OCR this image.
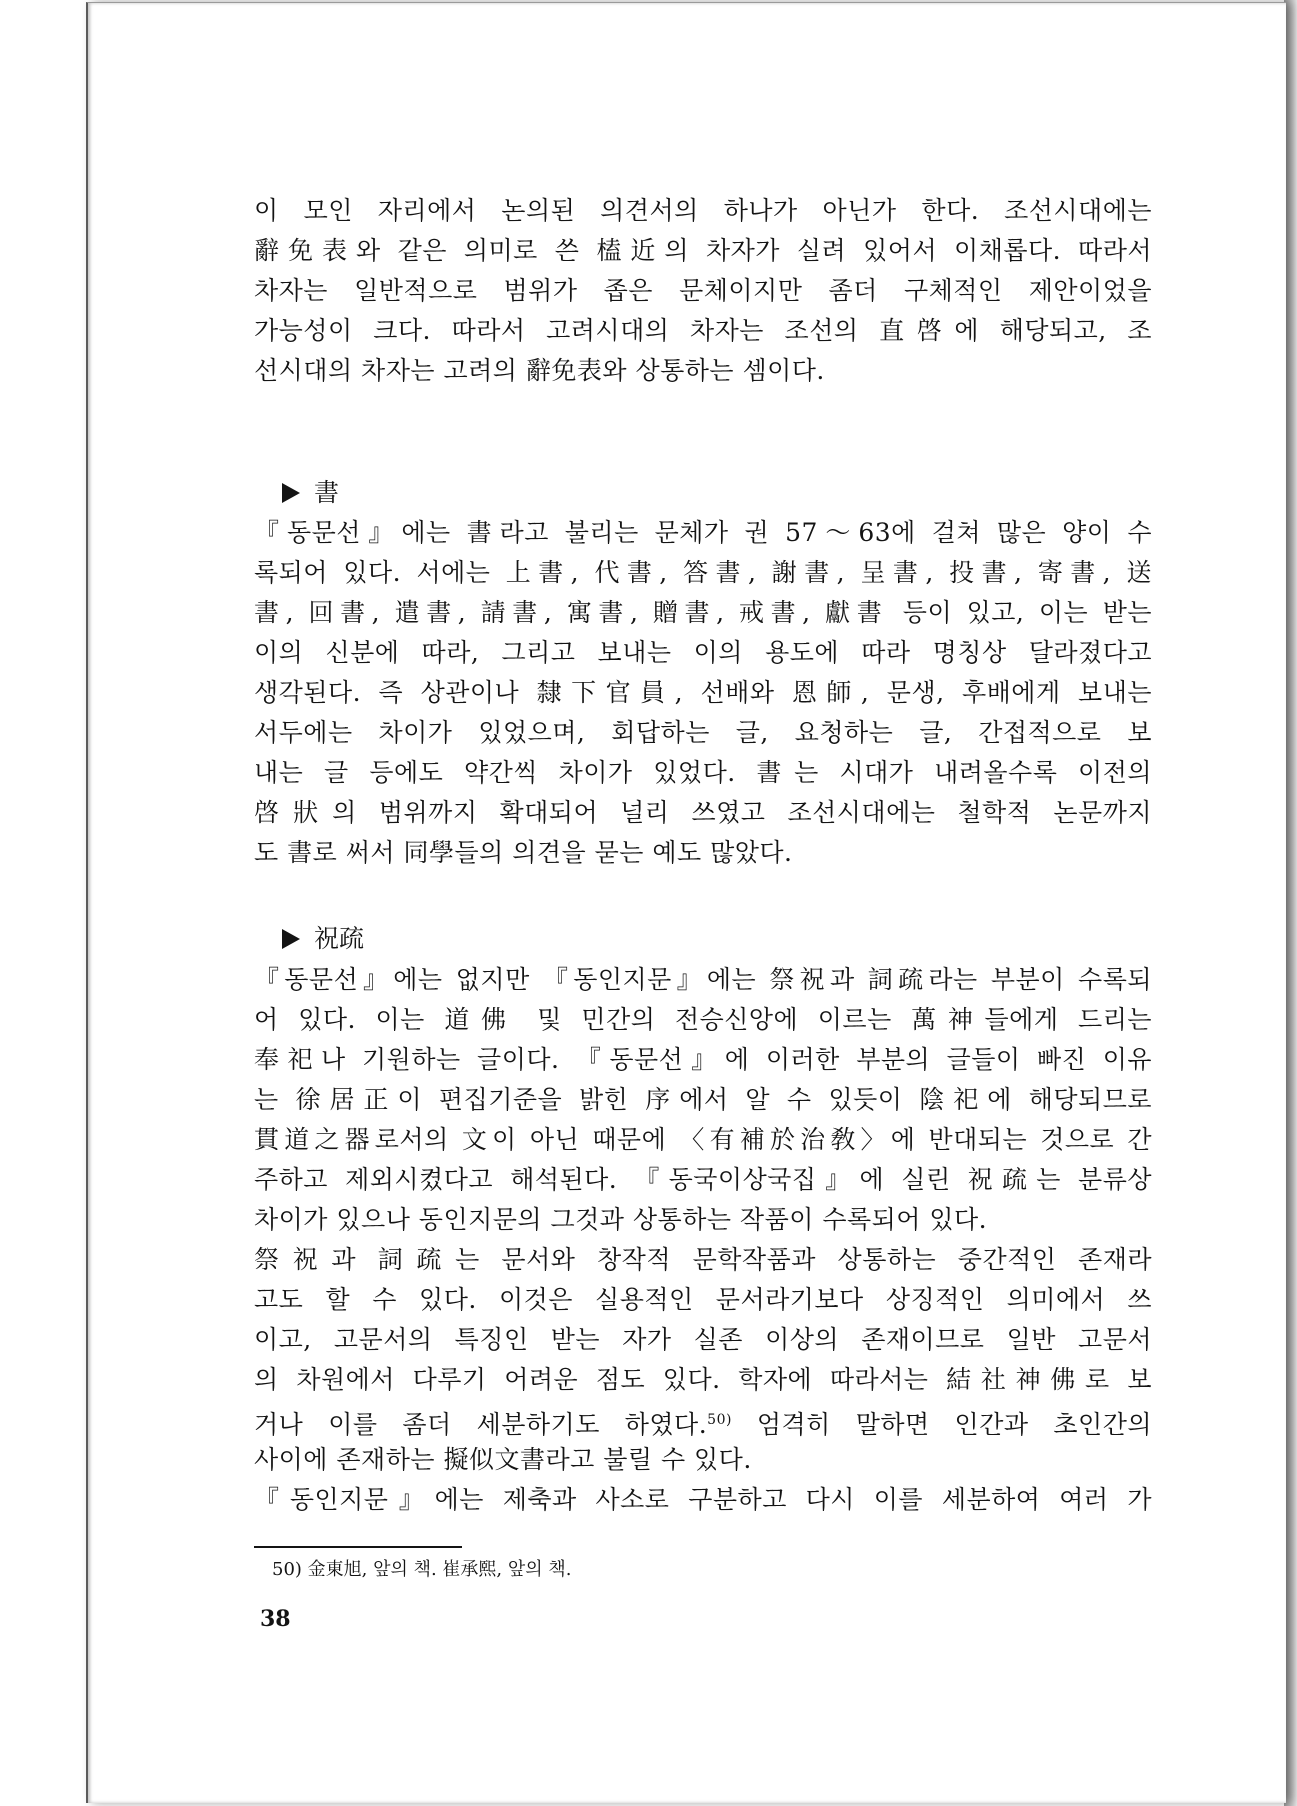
이 모인 자리에서 논의된 의견서의 하나가 아닌가 한다. 조선시대에는
辭免表와 같은 의미로 쓴 榼近의 차자가 실려 있어서 이채롭다. 따라서
차자는 일반적으로 범위가 좁은 문체이지만 좀더 구체적인 제안이었을
가능성이 크다. 따라서 고려시대의 차자는 조선의 直啓에 해당되고, 조
선시대의 차자는 고려의 辭免表와 상통하는 셈이다.
書
『동문선』에는 書라고 불리는 문체가 권 57～63에 걸쳐 많은 양이 수
록되어 있다. 서에는 上書, 代書, 答書, 謝書, 呈書, 投書, 寄書, 送
書, 回書, 遣書, 請書, 寓書, 贈書, 戒書, 獻書 등이 있고, 이는 받는
이의 신분에 따라, 그리고 보내는 이의 용도에 따라 명칭상 달라졌다고
생각된다. 즉 상관이나 隸下官員, 선배와 恩師, 문생, 후배에게 보내는
서두에는 차이가 있었으며, 회답하는 글, 요청하는 글, 간접적으로 보
내는 글 등에도 약간씩 차이가 있었다. 書는 시대가 내려올수록 이전의
啓狀의 범위까지 확대되어 널리 쓰였고 조선시대에는 철학적 논문까지
도 書로 써서 同學들의 의견을 묻는 예도 많았다.
祝疏
『동문선』에는 없지만 『동인지문』에는 祭祝과 詞疏라는 부분이 수록되
어 있다. 이는 道佛 및 민간의 전승신앙에 이르는 萬神들에게 드리는
奉祀나 기원하는 글이다. 『동문선』에 이러한 부분의 글들이 빠진 이유
는 徐居正이 편집기준을 밝힌 序에서 알 수 있듯이 陰祀에 해당되므로
貫道之器로서의 文이 아닌 때문에 〈有補於治敎〉에 반대되는 것으로 간
주하고 제외시켰다고 해석된다. 『동국이상국집』에 실린 祝疏는 분류상
차이가 있으나 동인지문의 그것과 상통하는 작품이 수록되어 있다.
祭祝과 詞疏는 문서와 창작적 문학작품과 상통하는 중간적인 존재라
고도 할 수 있다. 이것은 실용적인 문서라기보다 상징적인 의미에서 쓰
이고, 고문서의 특징인 받는 자가 실존 이상의 존재이므로 일반 고문서
의 차원에서 다루기 어려운 점도 있다. 학자에 따라서는 結社神佛로 보
거나 이를 좀더 세분하기도 하였다.$^{50)}$ 엄격히 말하면 인간과 초인간의
사이에 존재하는 擬似文書라고 불릴 수 있다.
『동인지문』에는 제축과 사소로 구분하고 다시 이를 세분하여 여러 가
50) 金東旭, 앞의 책. 崔承熙, 앞의 책.
38
